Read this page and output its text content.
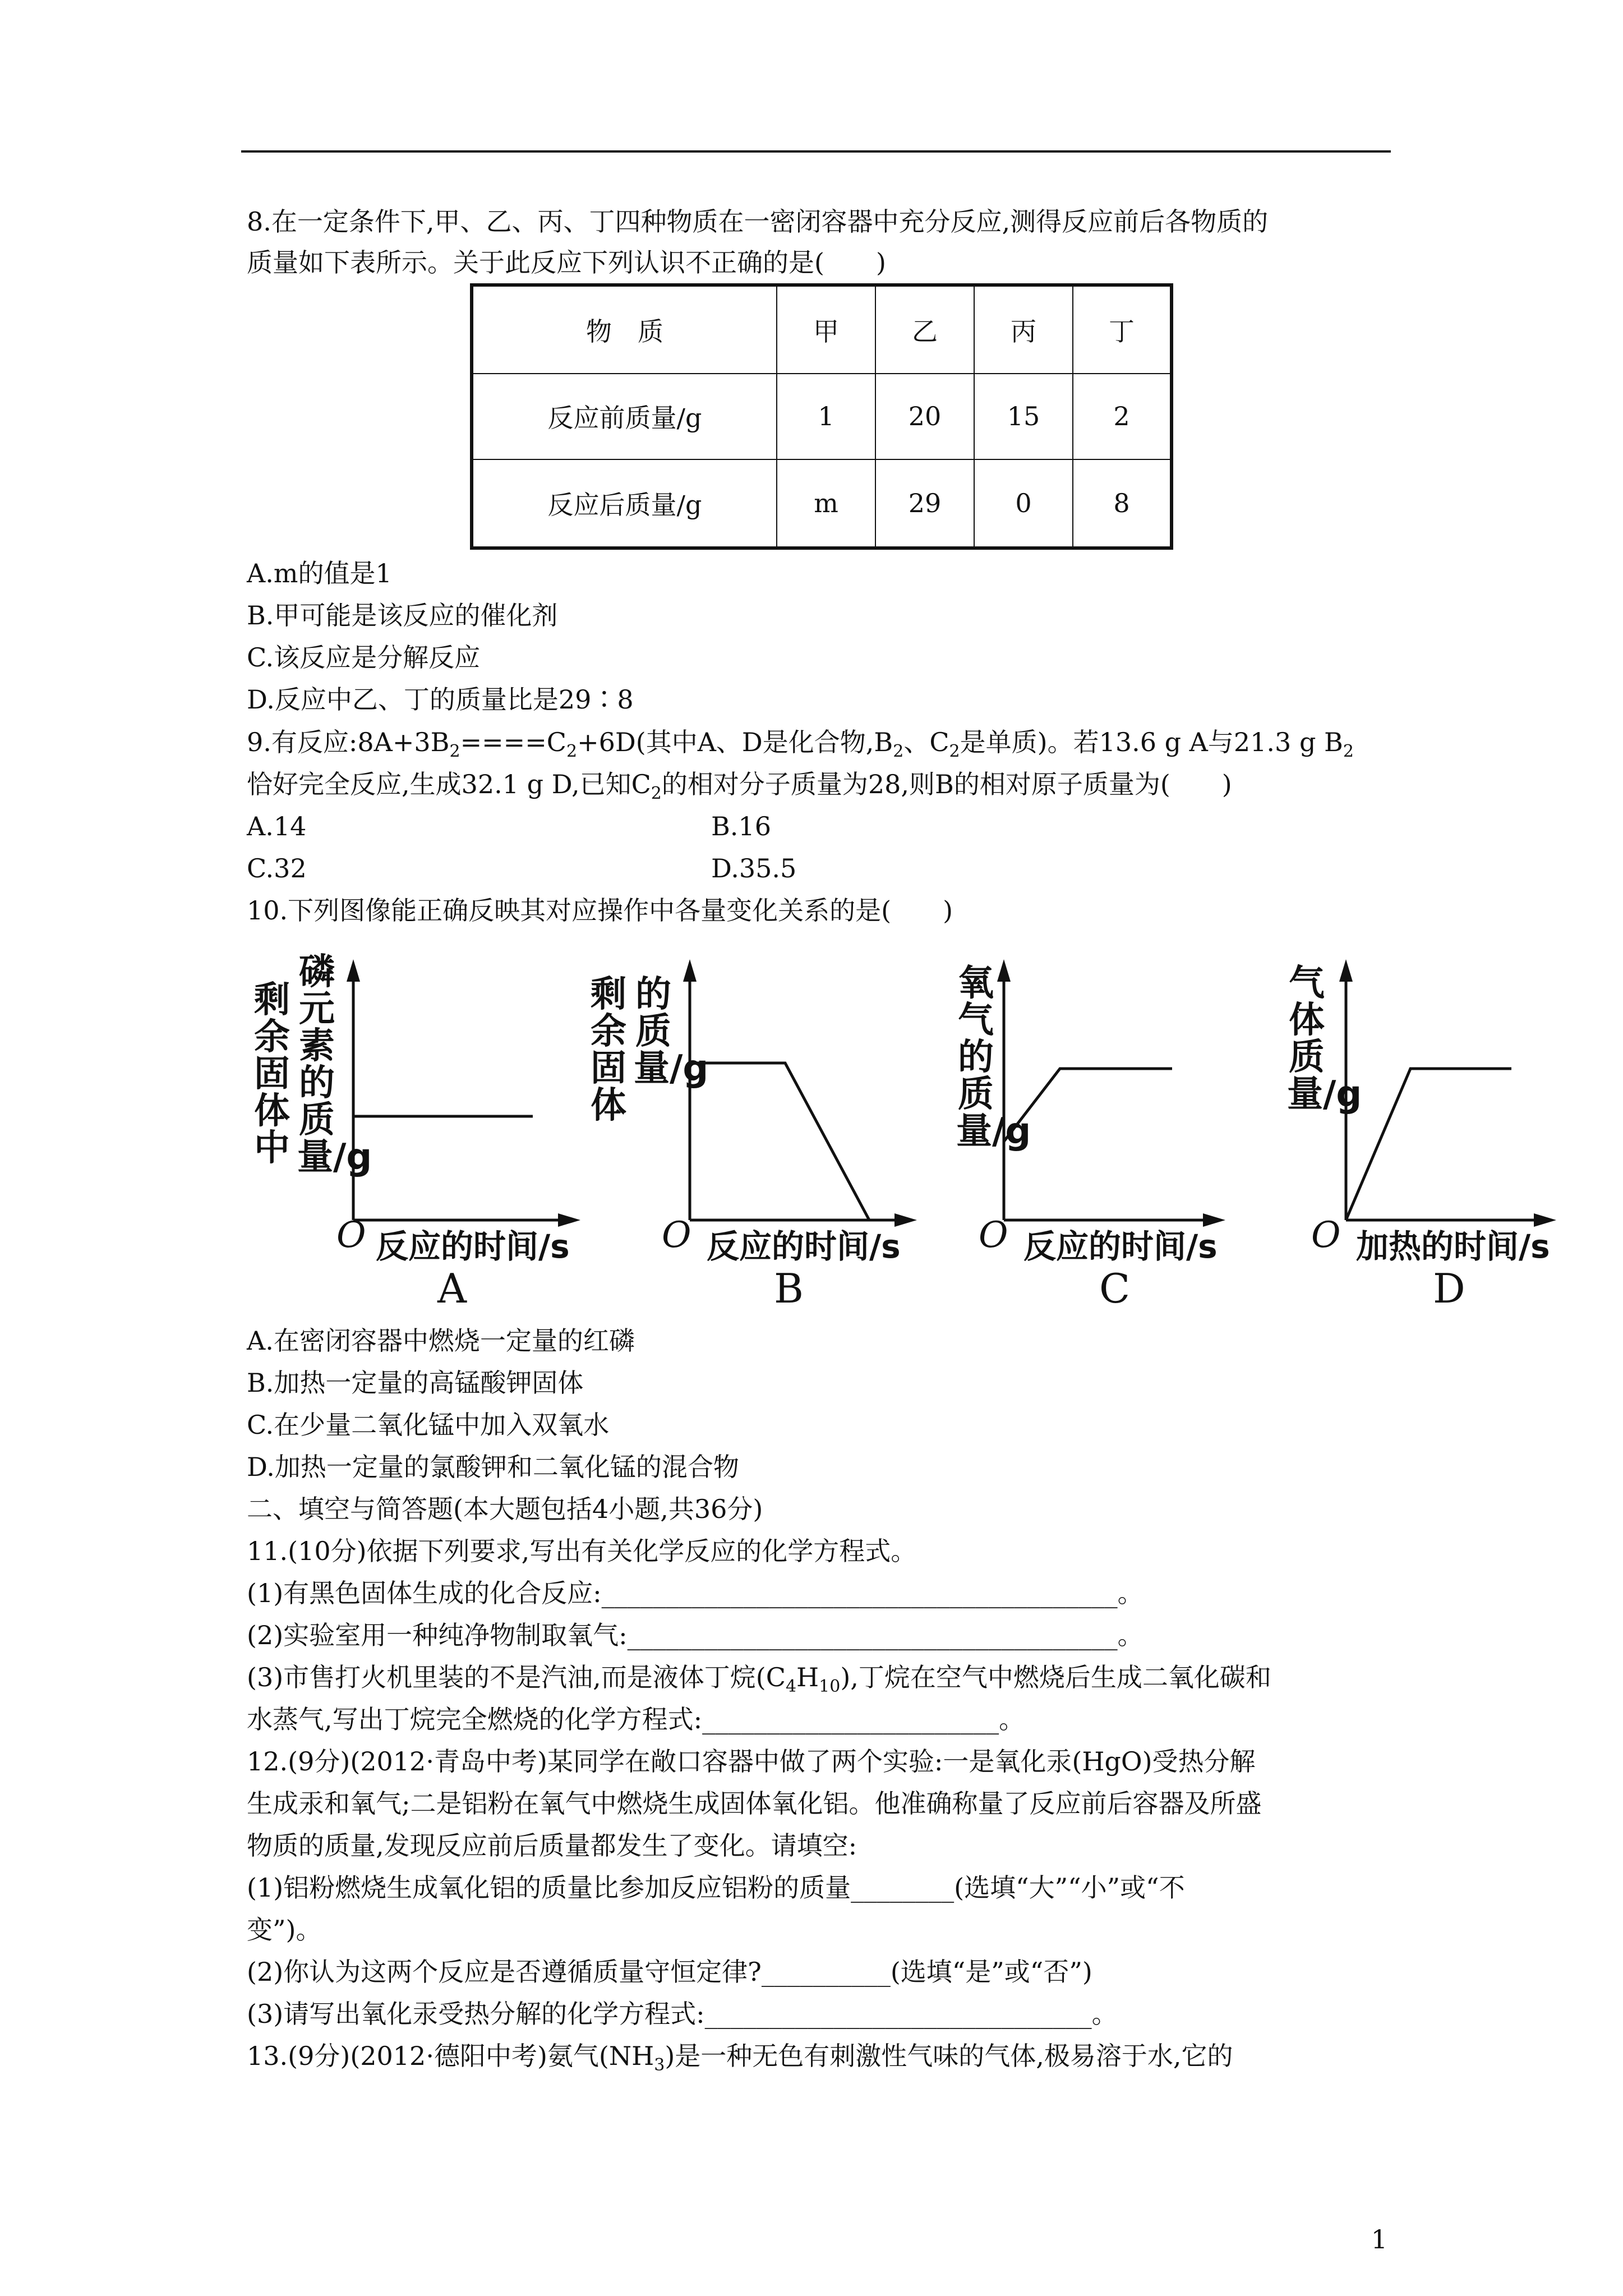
8.在一定条件下,甲、乙、丙、丁四种物质在一密闭容器中充分反应,测得反应前后各物质的
质量如下表所示。关于此反应下列认识不正确的是(　　)
物　质	甲	乙	丙	丁
反应前质量/g	1	20	15	2
反应后质量/g	m	29	0	8
A.m的值是1
B.甲可能是该反应的催化剂
C.该反应是分解反应
D.反应中乙、丁的质量比是29∶8
9.有反应$:8A+3B_2====C_2+6D$(其中A、D是化合物$,B_2$、$C_2$是单质)。若13.6 g A与21.3 g $B_2$
恰好完全反应,生成32.1 g D,已知$C_2$的相对分子质量为28,则B的相对原子质量为(　　)
A.14	B.16
C.32	D.35.5
10.下列图像能正确反映其对应操作中各量变化关系的是(　　)
剩余固体中
磷元素的质量/g
O 反应的时间/s
A
剩余固体
的质量/g
O 反应的时间/s
B
氧气的质量/g
O 反应的时间/s
C
气体质量/g
O 加热的时间/s
D
A.在密闭容器中燃烧一定量的红磷
B.加热一定量的高锰酸钾固体
C.在少量二氧化锰中加入双氧水
D.加热一定量的氯酸钾和二氧化锰的混合物
二、填空与简答题(本大题包括4小题,共36分)
11.(10分)依据下列要求,写出有关化学反应的化学方程式。
(1)有黑色固体生成的化合反应:________________________________________。
(2)实验室用一种纯净物制取氧气:______________________________________。
(3)市售打火机里装的不是汽油,而是液体丁烷$(C_4H_{10})$,丁烷在空气中燃烧后生成二氧化碳和
水蒸气,写出丁烷完全燃烧的化学方程式:_______________________。
12.(9分)(2012·青岛中考)某同学在敞口容器中做了两个实验:一是氧化汞(HgO)受热分解
生成汞和氧气;二是铝粉在氧气中燃烧生成固体氧化铝。他准确称量了反应前后容器及所盛
物质的质量,发现反应前后质量都发生了变化。请填空:
(1)铝粉燃烧生成氧化铝的质量比参加反应铝粉的质量________(选填“大”“小”或“不
变”)。
(2)你认为这两个反应是否遵循质量守恒定律?__________(选填“是”或“否”)
(3)请写出氧化汞受热分解的化学方程式:______________________________。
13.(9分)(2012·德阳中考)氨气$(NH_3)$是一种无色有刺激性气味的气体,极易溶于水,它的
1
